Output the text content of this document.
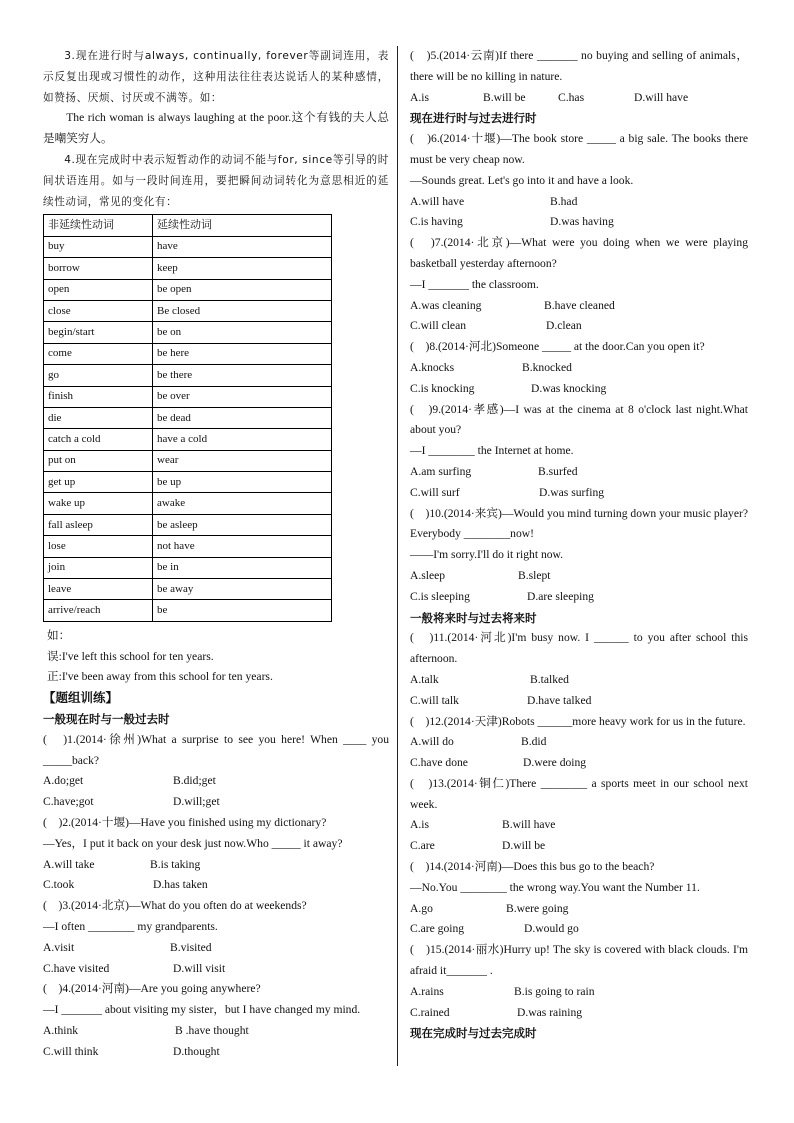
3.现在进行时与always, continually, forever等副词连用，表示反复出现或习惯性的动作，这种用法往往表达说话人的某种感情，如赞扬、厌烦、讨厌或不满等。如：

The rich woman is always laughing at the poor.这个有钱的夫人总是嘲笑穷人。

4.现在完成时中表示短暂动作的动词不能与for, since等引导的时间状语连用。如与一段时间连用，要把瞬间动词转化为意思相近的延续性动词，常见的变化有：

非延续性动词	延续性动词
buy	have
borrow	keep
open	be open
close	Be closed
begin/start	be on
come	be here
go	be there
finish	be over
die	be dead
catch a cold	have a cold
put on	wear
get up	be up
wake up	awake
fall asleep	be asleep
lose	not have
join	be in
leave	be away
arrive/reach	be

如：

误:I've left this school for ten years.

正:I've been away from this school for ten years.

【题组训练】

一般现在时与一般过去时

(　)1.(2014·徐州)What a surprise to see you here! When ____ you _____back?

A.do;get	B.did;get
C.have;got	D.will;get

(　)2.(2014·十堰)—Have you finished using my dictionary?

—Yes，I put it back on your desk just now.Who _____ it away?

A.will take	B.is taking
C.took	D.has taken

(　)3.(2014·北京)—What do you often do at weekends?

—I often ________ my grandparents.

A.visit	B.visited
C.have visited	D.will visit

(　)4.(2014·河南)—Are you going anywhere?

—I _______ about visiting my sister，but I have changed my mind.

A.think	B .have thought
C.will think	D.thought

(　)5.(2014·云南)If there _______ no buying and selling of animals，there will be no killing in nature.

A.is	B.will be	C.has	D.will have

现在进行时与过去进行时

(　)6.(2014·十堰)—The book store _____ a big sale. The books there must be very cheap now.

—Sounds great. Let's go into it and have a look.

A.will have	B.had
C.is having	D.was having

(　)7.(2014·北京)—What were you doing when we were playing basketball yesterday afternoon?

—I _______ the classroom.

A.was cleaning	B.have cleaned
C.will clean	D.clean

(　)8.(2014·河北)Someone _____ at the door.Can you open it?

A.knocks	B.knocked
C.is knocking	D.was knocking

(　)9.(2014·孝感)—I was at the cinema at 8 o'clock last night.What about you?

—I ________ the Internet at home.

A.am surfing	B.surfed
C.will surf	D.was surfing

(　)10.(2014·来宾)—Would you mind turning down your music player?Everybody ________now!

——I'm sorry.I'll do it right now.

A.sleep	B.slept
C.is sleeping	D.are sleeping

一般将来时与过去将来时

(　)11.(2014·河北)I'm busy now. I ______ to you after school this afternoon.

A.talk	B.talked
C.will talk	D.have talked

(　)12.(2014·天津)Robots ______more heavy work for us in the future.

A.will do	B.did
C.have done	D.were doing

(　)13.(2014·铜仁)There ________ a sports meet in our school next week.

A.is	B.will have
C.are	D.will be

(　)14.(2014·河南)—Does this bus go to the beach?

—No.You ________ the wrong way.You want the Number 11.

A.go	B.were going
C.are going	D.would go

(　)15.(2014·丽水)Hurry up! The sky is covered with black clouds. I'm afraid it_______ .

A.rains	B.is going to rain
C.rained	D.was raining

现在完成时与过去完成时
